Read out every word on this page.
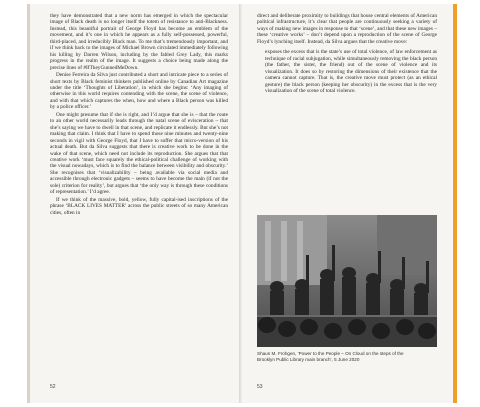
they have demonstrated that a new norm has emerged in which the spectacular image of Black death is no longer itself the totem of resistance to anti-Blackness. Instead, this beautiful portrait of George Floyd has become an emblem of the movement, and it’s one in which he appears as a fully self-possessed, powerful, third-placed, and irreducibly Black man. To me that’s tremendously important, and if we think back to the images of Michael Brown circulated immediately following his killing by Darren Wilson, including by the fabled Grey Lady, this marks progress in the realm of the image. It suggests a choice being made along the precise lines of #IfTheyGunnedMeDown.

Denise Ferreira da Silva just contributed a short and intricate piece to a series of short texts by Black feminist thinkers published online by Canadian Art magazine under the title ‘Thoughts of Liberation’, in which she begins: ‘Any imaging of otherwise in this world requires contending with the scene, the scene of violence, and with that which captures the when, how and where a Black person was killed by a police officer.’

One might presume that if she is right, and I’d argue that she is – that the route to an other world necessarily leads through the natal scene of evisceration – that she’s saying we have to dwell in that scene, and replicate it endlessly. But she’s not making that claim. I think that I have to spend those nine minutes and twenty-nine seconds in vigil with George Floyd, that I have to suffer that micro-version of his actual death. But da Silva suggests that there is creative work to be done in the wake of that scene, which need not include its reproduction. She argues that that creative work ‘must face squarely the ethical-political challenge of working with the visual nowadays, which is to find the balance between visibility and obscurity.’ She recognises that ‘visualizability – being available via social media and accessible through electronic gadgets – seems to have become the main (if not the sole) criterion for reality’, but argues that ‘the only way is through these conditions of representation.’ I’d agree.

If we think of the massive, bold, yellow, fully capital-ised inscriptions of the phrase ‘BLACK LIVES MATTER’ across the public streets of so many American cities, often in

52

direct and deliberate proximity to buildings that house central elements of American political infrastructure, it’s clear that people are continuously seeking a variety of ways of making new images in response to that ‘scene’, and that these new images – these ‘creative works’ – don’t depend upon a reproduction of the scene of George Floyd’s lynching itself. Instead, da Silva argues that the creative move:

exposes the excess that is the state’s use of total violence, of law enforcement as technique of racial subjugation, while simultaneously removing the black person (the father, the sister, the friend) out of the scene of violence and its visualization. It does so by restoring the dimensions of their existence that the camera cannot capture. That is, the creative move must protect (as an ethical gesture) the black person (keeping her obscurity) in the excess that is the very visualization of the scene of total violence.

Shaun M. Frohgen, ‘Power to the People – On Cloud on the steps of the Brooklyn Public Library main branch’, 5 June 2020
53
